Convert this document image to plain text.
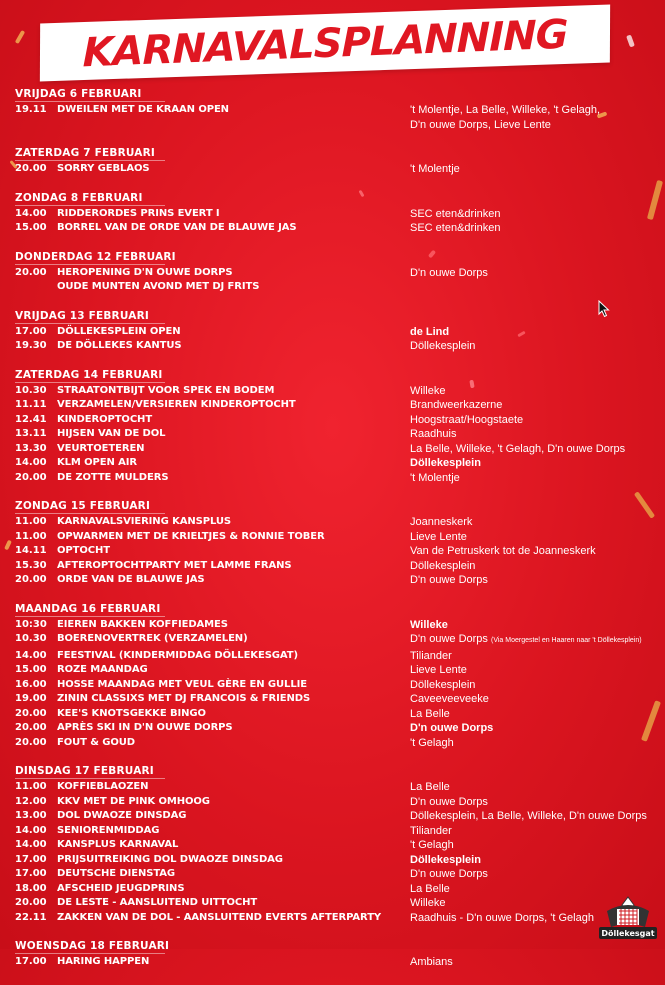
KARNAVALSPLANNING
VRIJDAG 6 FEBRUARI
19.11	DWEILEN MET DE KRAAN OPEN	't Molentje, La Belle, Willeke, 't Gelagh,
D'n ouwe Dorps, Lieve Lente
ZATERDAG 7 FEBRUARI
20.00	SORRY GEBLAOS	't Molentje
ZONDAG 8 FEBRUARI
14.00	RIDDERORDES PRINS EVERT I	SEC eten&drinken
15.00	BORREL VAN DE ORDE VAN DE BLAUWE JAS	SEC eten&drinken
DONDERDAG 12 FEBRUARI
20.00	HEROPENING D'N OUWE DORPS	D'n ouwe Dorps
OUDE MUNTEN AVOND MET DJ FRITS
VRIJDAG 13 FEBRUARI
17.00	DÖLLEKESPLEIN OPEN	de Lind
19.30	DE DÖLLEKES KANTUS	Döllekesplein
ZATERDAG 14 FEBRUARI
10.30	STRAATONTBIJT VOOR SPEK EN BODEM	Willeke
11.11	VERZAMELEN/VERSIEREN KINDEROPTOCHT	Brandweerkazerne
12.41	KINDEROPTOCHT	Hoogstraat/Hoogstaete
13.11	HIJSEN VAN DE DOL	Raadhuis
13.30	VEURTOETEREN	La Belle, Willeke, 't Gelagh, D'n ouwe Dorps
14.00	KLM OPEN AIR	Döllekesplein
20.00	DE ZOTTE MULDERS	't Molentje
ZONDAG 15 FEBRUARI
11.00	KARNAVALSVIERING KANSPLUS	Joanneskerk
11.00	OPWARMEN MET DE KRIELTJES & RONNIE TOBER	Lieve Lente
14.11	OPTOCHT	Van de Petruskerk tot de Joanneskerk
15.30	AFTEROPTOCHTPARTY MET LAMME FRANS	Döllekesplein
20.00	ORDE VAN DE BLAUWE JAS	D'n ouwe Dorps
MAANDAG 16 FEBRUARI
10:30	EIEREN BAKKEN KOFFIEDAMES	Willeke
10.30	BOERENOVERTREK (VERZAMELEN)	D'n ouwe Dorps (Via Moergestel en Haaren naar 't Döllekesplein)
14.00	FEESTIVAL (KINDERMIDDAG DÖLLEKESGAT)	Tiliander
15.00	ROZE MAANDAG	Lieve Lente
16.00	HOSSE MAANDAG MET VEUL GÈRE EN GULLIE	Döllekesplein
19.00	ZININ CLASSIXS MET DJ FRANCOIS & FRIENDS	Caveeveeveeke
20.00	KEE'S KNOTSGEKKE BINGO	La Belle
20.00	APRÈS SKI IN D'N OUWE DORPS	D'n ouwe Dorps
20.00	FOUT & GOUD	't Gelagh
DINSDAG 17 FEBRUARI
11.00	KOFFIEBLAOZEN	La Belle
12.00	KKV MET DE PINK OMHOOG	D'n ouwe Dorps
13.00	DOL DWAOZE DINSDAG	Döllekesplein, La Belle, Willeke, D'n ouwe Dorps
14.00	SENIORENMIDDAG	Tiliander
14.00	KANSPLUS KARNAVAL	't Gelagh
17.00	PRIJSUITREIKING DOL DWAOZE DINSDAG	Döllekesplein
17.00	DEUTSCHE DIENSTAG	D'n ouwe Dorps
18.00	AFSCHEID JEUGDPRINS	La Belle
20.00	DE LESTE - AANSLUITEND UITTOCHT	Willeke
22.11	ZAKKEN VAN DE DOL - AANSLUITEND EVERTS AFTERPARTY	Raadhuis - D'n ouwe Dorps, 't Gelagh
WOENSDAG 18 FEBRUARI
17.00	HARING HAPPEN	Ambians
Döllekesgat
